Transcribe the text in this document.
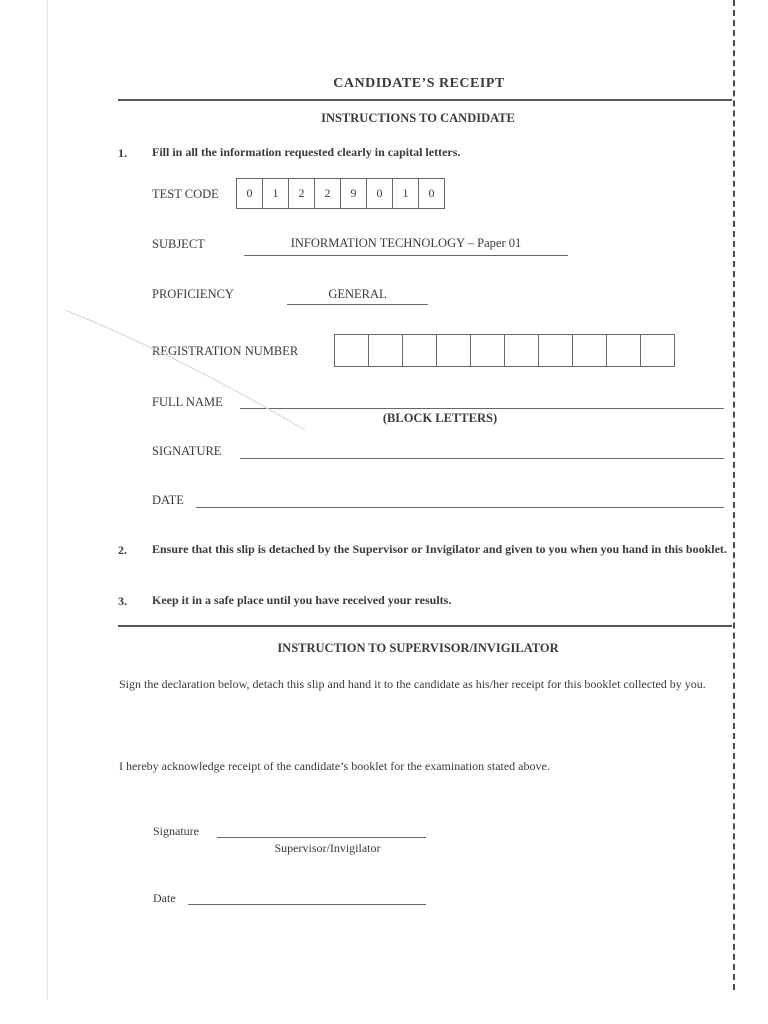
CANDIDATE’S RECEIPT
INSTRUCTIONS TO CANDIDATE
1. Fill in all the information requested clearly in capital letters.
TEST CODE	0	1	2	2	9	0	1	0
SUBJECT	INFORMATION TECHNOLOGY – Paper 01
PROFICIENCY	GENERAL
REGISTRATION NUMBER
FULL NAME
(BLOCK LETTERS)
SIGNATURE
DATE
2. Ensure that this slip is detached by the Supervisor or Invigilator and given to you when you hand in this booklet.
3. Keep it in a safe place until you have received your results.
INSTRUCTION TO SUPERVISOR/INVIGILATOR
Sign the declaration below, detach this slip and hand it to the candidate as his/her receipt for this booklet collected by you.
I hereby acknowledge receipt of the candidate’s booklet for the examination stated above.
Signature
Supervisor/Invigilator
Date
